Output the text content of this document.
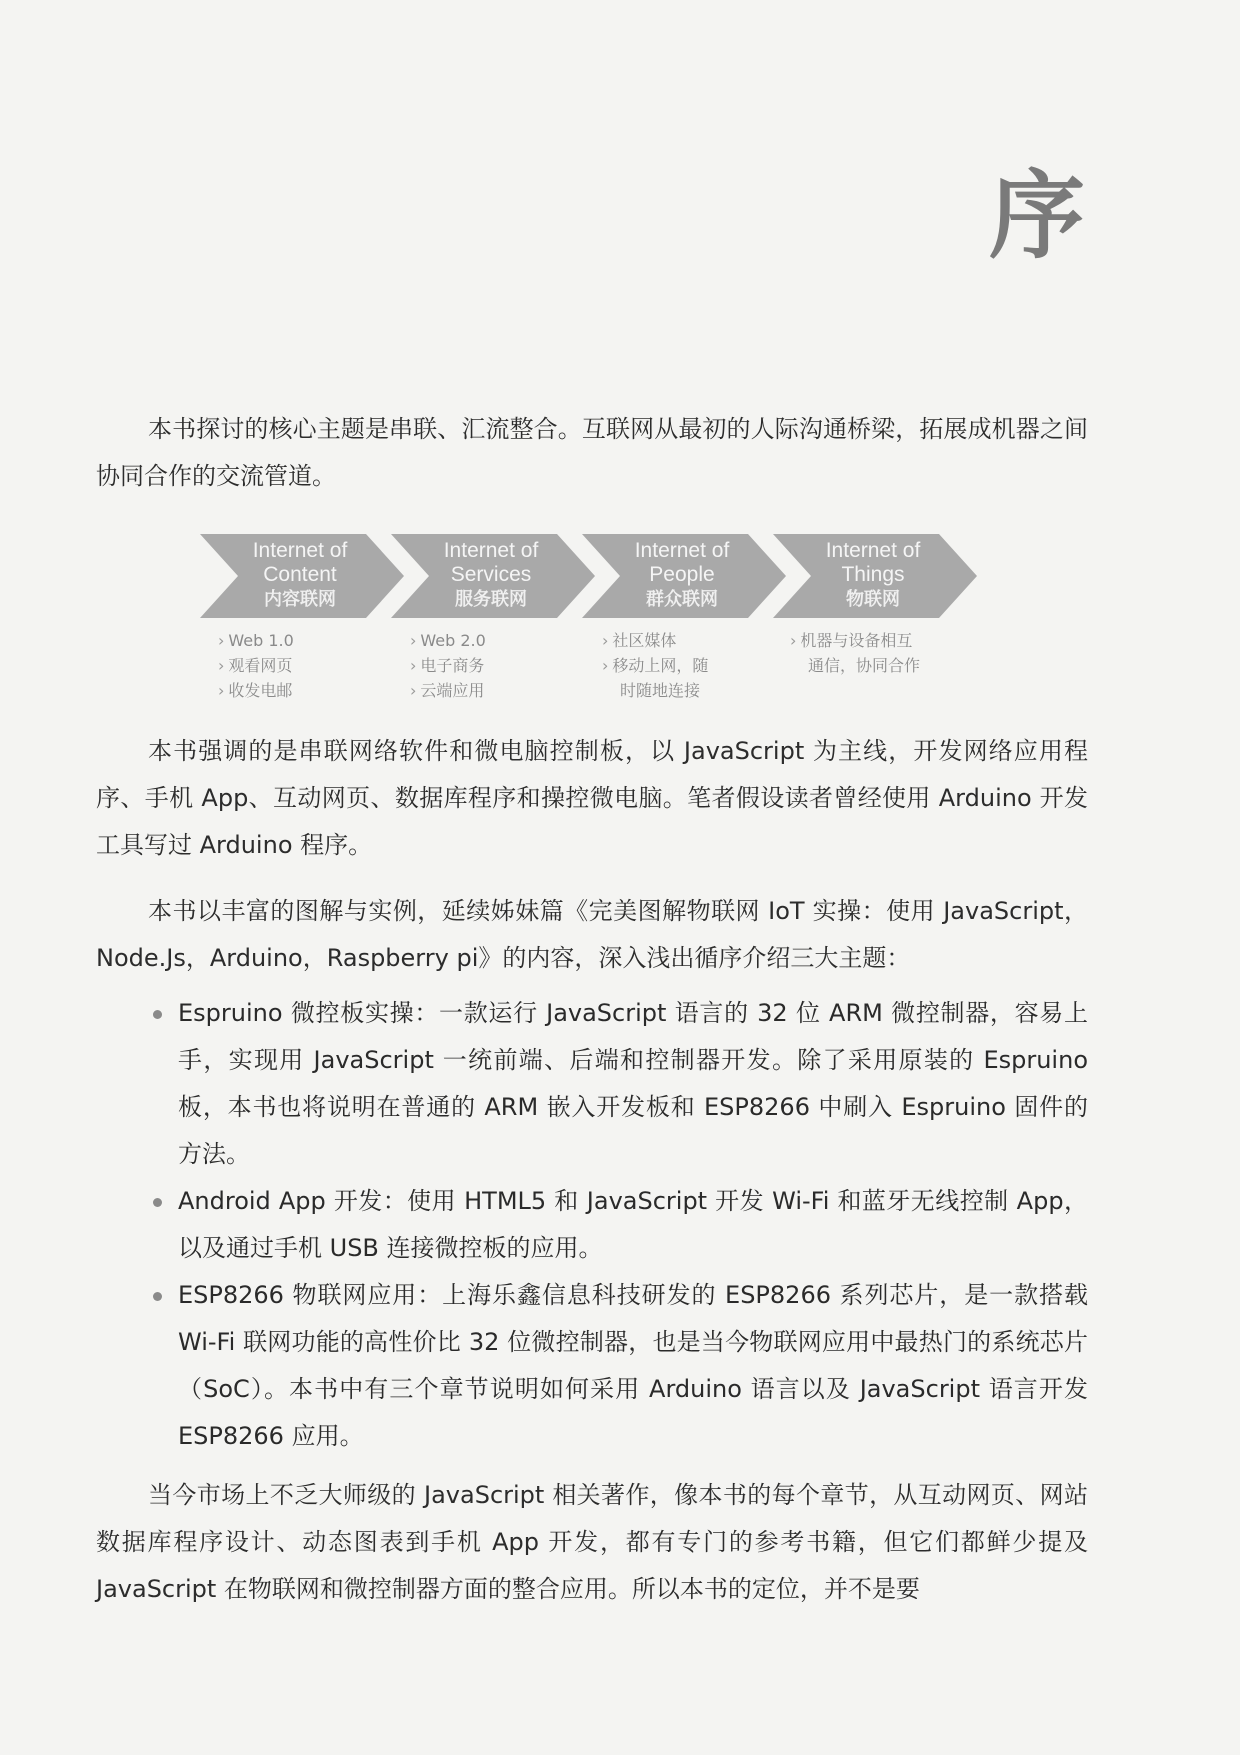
序

本书探讨的核心主题是串联、汇流整合。互联网从最初的人际沟通桥梁，拓展成机器之间协同合作的交流管道。

Internet of
Content
内容联网
› Web 1.0
› 观看网页
› 收发电邮
Internet of
Services
服务联网
› Web 2.0
› 电子商务
› 云端应用
Internet of
People
群众联网
› 社区媒体
› 移动上网，随
时随地连接
Internet of
Things
物联网
› 机器与设备相互
通信，协同合作

本书强调的是串联网络软件和微电脑控制板，以 JavaScript 为主线，开发网络应用程序、手机 App、互动网页、数据库程序和操控微电脑。笔者假设读者曾经使用 Arduino 开发工具写过 Arduino 程序。

本书以丰富的图解与实例，延续姊妹篇《完美图解物联网 IoT 实操：使用 JavaScript，Node.Js，Arduino，Raspberry pi》的内容，深入浅出循序介绍三大主题：

Espruino 微控板实操：一款运行 JavaScript 语言的 32 位 ARM 微控制器，容易上手，实现用 JavaScript 一统前端、后端和控制器开发。除了采用原装的 Espruino 板，本书也将说明在普通的 ARM 嵌入开发板和 ESP8266 中刷入 Espruino 固件的方法。
Android App 开发：使用 HTML5 和 JavaScript 开发 Wi-Fi 和蓝牙无线控制 App，以及通过手机 USB 连接微控板的应用。
ESP8266 物联网应用：上海乐鑫信息科技研发的 ESP8266 系列芯片，是一款搭载 Wi-Fi 联网功能的高性价比 32 位微控制器，也是当今物联网应用中最热门的系统芯片（SoC）。本书中有三个章节说明如何采用 Arduino 语言以及 JavaScript 语言开发 ESP8266 应用。

当今市场上不乏大师级的 JavaScript 相关著作，像本书的每个章节，从互动网页、网站数据库程序设计、动态图表到手机 App 开发，都有专门的参考书籍，但它们都鲜少提及 JavaScript 在物联网和微控制器方面的整合应用。所以本书的定位，并不是要
